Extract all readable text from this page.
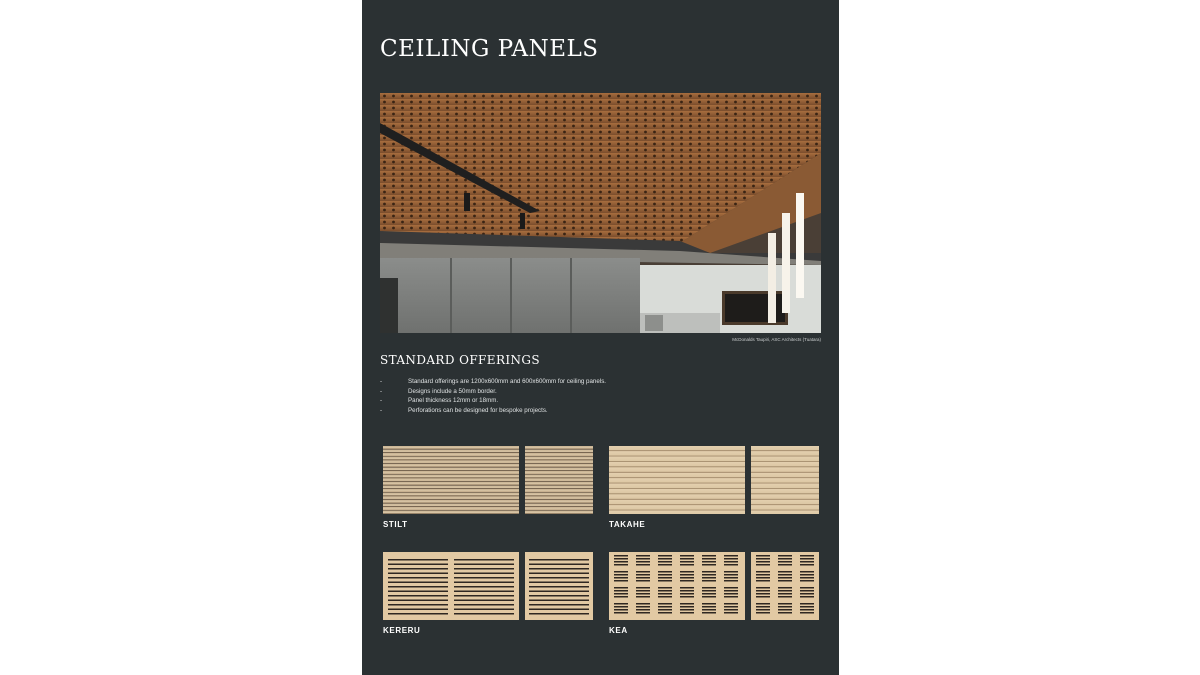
CEILING PANELS
McDonalds Taupiri, ASC Architects (Tuatara)
STANDARD OFFERINGS
-	Standard offerings are 1200x600mm and 600x600mm for ceiling panels.
-	Designs include a 50mm border.
-	Panel thickness 12mm or 18mm.
-	Perforations can be designed for bespoke projects.
STILT	TAKAHE
KERERU	KEA
